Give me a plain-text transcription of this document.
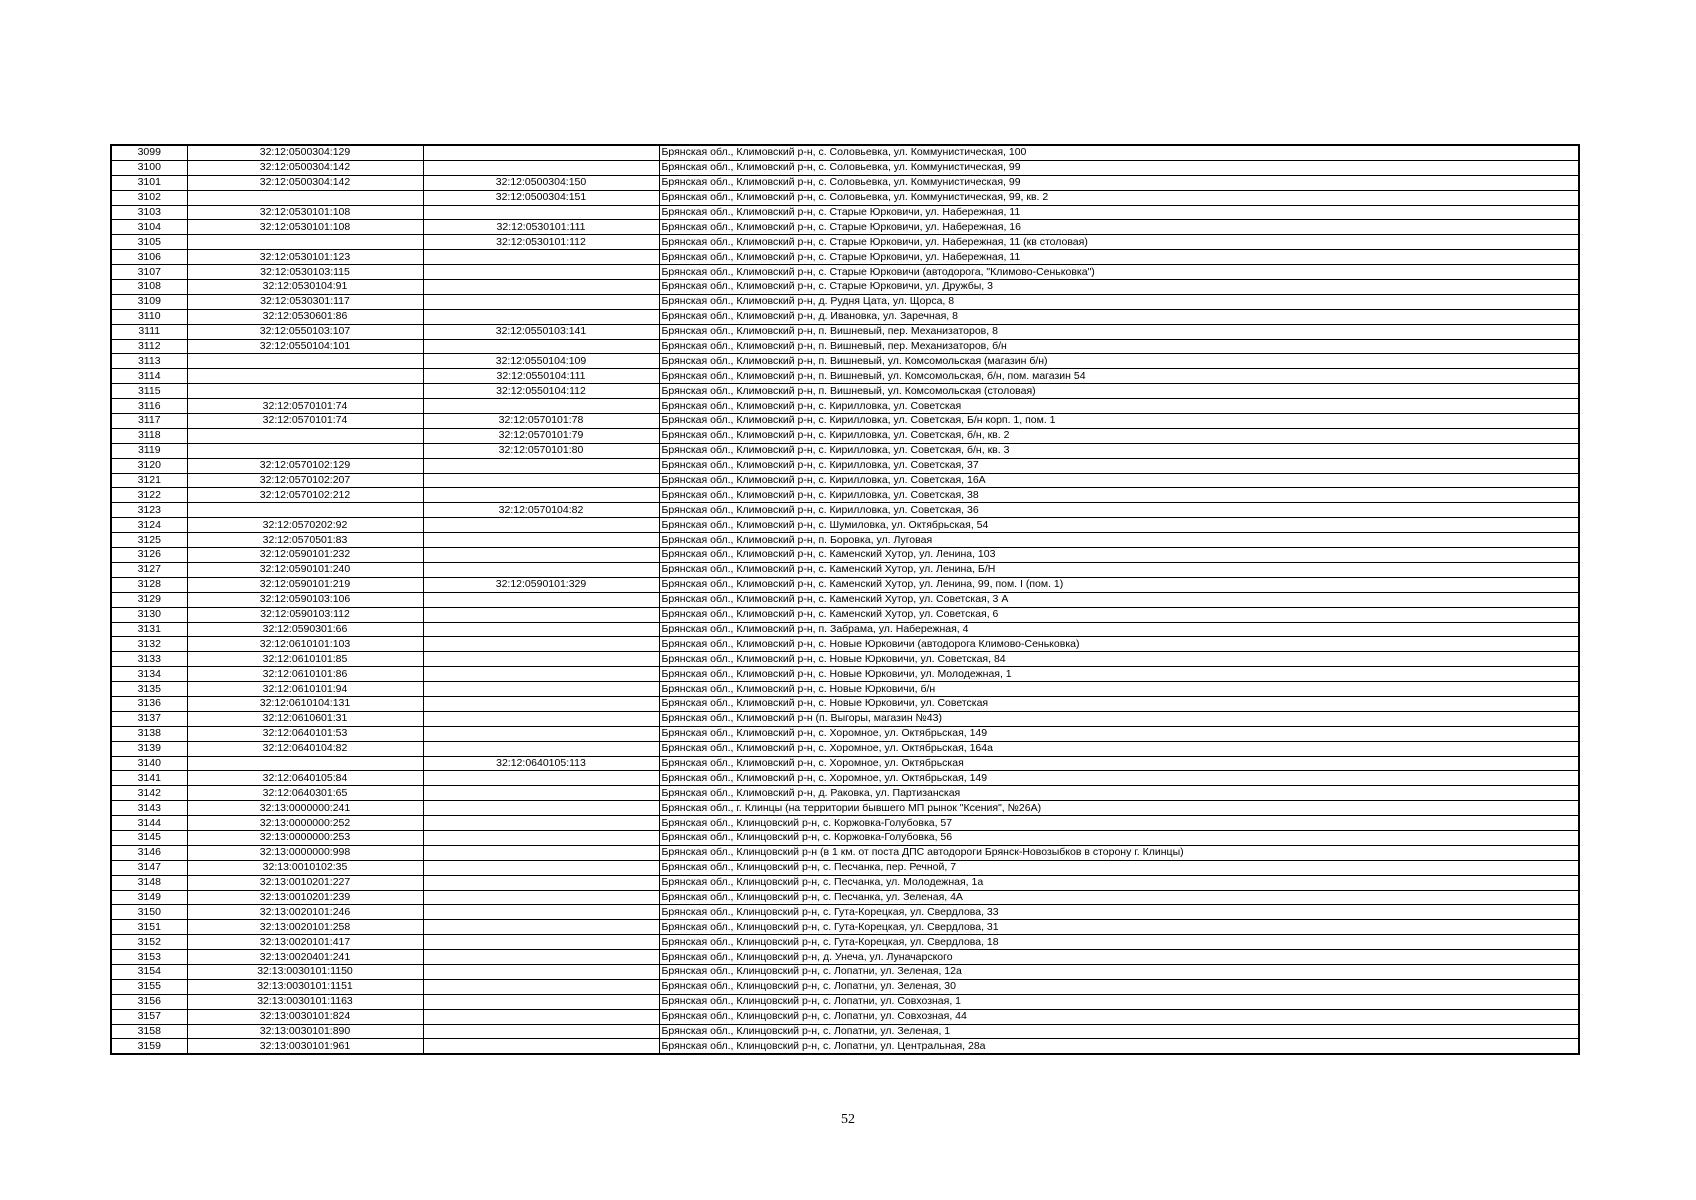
3099	32:12:0500304:129		Брянская обл., Климовский р-н, с. Соловьевка, ул. Коммунистическая, 100
3100	32:12:0500304:142		Брянская обл., Климовский р-н, с. Соловьевка, ул. Коммунистическая, 99
3101	32:12:0500304:142	32:12:0500304:150	Брянская обл., Климовский р-н, с. Соловьевка, ул. Коммунистическая, 99
3102		32:12:0500304:151	Брянская обл., Климовский р-н, с. Соловьевка, ул. Коммунистическая, 99, кв. 2
3103	32:12:0530101:108		Брянская обл., Климовский р-н, с. Старые Юрковичи, ул. Набережная, 11
3104	32:12:0530101:108	32:12:0530101:111	Брянская обл., Климовский р-н, с. Старые Юрковичи, ул. Набережная, 16
3105		32:12:0530101:112	Брянская обл., Климовский р-н, с. Старые Юрковичи, ул. Набережная, 11 (кв столовая)
3106	32:12:0530101:123		Брянская обл., Климовский р-н, с. Старые Юрковичи, ул. Набережная, 11
3107	32:12:0530103:115		Брянская обл., Климовский р-н, с. Старые Юрковичи (автодорога, "Климово-Сеньковка")
3108	32:12:0530104:91		Брянская обл., Климовский р-н, с. Старые Юрковичи, ул. Дружбы, 3
3109	32:12:0530301:117		Брянская обл., Климовский р-н, д. Рудня Цата, ул. Щорса, 8
3110	32:12:0530601:86		Брянская обл., Климовский р-н, д. Ивановка, ул. Заречная, 8
3111	32:12:0550103:107	32:12:0550103:141	Брянская обл., Климовский р-н, п. Вишневый, пер. Механизаторов, 8
3112	32:12:0550104:101		Брянская обл., Климовский р-н, п. Вишневый, пер. Механизаторов, б/н
3113		32:12:0550104:109	Брянская обл., Климовский р-н, п. Вишневый, ул. Комсомольская (магазин б/н)
3114		32:12:0550104:111	Брянская обл., Климовский р-н, п. Вишневый, ул. Комсомольская, б/н, пом. магазин 54
3115		32:12:0550104:112	Брянская обл., Климовский р-н, п. Вишневый, ул. Комсомольская (столовая)
3116	32:12:0570101:74		Брянская обл., Климовский р-н, с. Кирилловка, ул. Советская
3117	32:12:0570101:74	32:12:0570101:78	Брянская обл., Климовский р-н, с. Кирилловка, ул. Советская, Б/н корп. 1, пом. 1
3118		32:12:0570101:79	Брянская обл., Климовский р-н, с. Кирилловка, ул. Советская, б/н, кв. 2
3119		32:12:0570101:80	Брянская обл., Климовский р-н, с. Кирилловка, ул. Советская, б/н, кв. 3
3120	32:12:0570102:129		Брянская обл., Климовский р-н, с. Кирилловка, ул. Советская, 37
3121	32:12:0570102:207		Брянская обл., Климовский р-н, с. Кирилловка, ул. Советская, 16А
3122	32:12:0570102:212		Брянская обл., Климовский р-н, с. Кирилловка, ул. Советская, 38
3123		32:12:0570104:82	Брянская обл., Климовский р-н, с. Кирилловка, ул. Советская, 36
3124	32:12:0570202:92		Брянская обл., Климовский р-н, с. Шумиловка, ул. Октябрьская, 54
3125	32:12:0570501:83		Брянская обл., Климовский р-н, п. Боровка, ул. Луговая
3126	32:12:0590101:232		Брянская обл., Климовский р-н, с. Каменский Хутор, ул. Ленина, 103
3127	32:12:0590101:240		Брянская обл., Климовский р-н, с. Каменский Хутор, ул. Ленина, Б/Н
3128	32:12:0590101:219	32:12:0590101:329	Брянская обл., Климовский р-н, с. Каменский Хутор, ул. Ленина, 99, пом. I (пом. 1)
3129	32:12:0590103:106		Брянская обл., Климовский р-н, с. Каменский Хутор, ул. Советская, 3 А
3130	32:12:0590103:112		Брянская обл., Климовский р-н, с. Каменский Хутор, ул. Советская, 6
3131	32:12:0590301:66		Брянская обл., Климовский р-н, п. Забрама, ул. Набережная, 4
3132	32:12:0610101:103		Брянская обл., Климовский р-н, с. Новые Юрковичи (автодорога Климово-Сеньковка)
3133	32:12:0610101:85		Брянская обл., Климовский р-н, с. Новые Юрковичи, ул. Советская, 84
3134	32:12:0610101:86		Брянская обл., Климовский р-н, с. Новые Юрковичи, ул. Молодежная, 1
3135	32:12:0610101:94		Брянская обл., Климовский р-н, с. Новые Юрковичи, б/н
3136	32:12:0610104:131		Брянская обл., Климовский р-н, с. Новые Юрковичи, ул. Советская
3137	32:12:0610601:31		Брянская обл., Климовский р-н (п. Выгоры, магазин №43)
3138	32:12:0640101:53		Брянская обл., Климовский р-н, с. Хоромное, ул. Октябрьская, 149
3139	32:12:0640104:82		Брянская обл., Климовский р-н, с. Хоромное, ул. Октябрьская, 164а
3140		32:12:0640105:113	Брянская обл., Климовский р-н, с. Хоромное, ул. Октябрьская
3141	32:12:0640105:84		Брянская обл., Климовский р-н, с. Хоромное, ул. Октябрьская, 149
3142	32:12:0640301:65		Брянская обл., Климовский р-н, д. Раковка, ул. Партизанская
3143	32:13:0000000:241		Брянская обл., г. Клинцы (на территории бывшего МП рынок "Ксения", №26А)
3144	32:13:0000000:252		Брянская обл., Клинцовский р-н, с. Коржовка-Голубовка, 57
3145	32:13:0000000:253		Брянская обл., Клинцовский р-н, с. Коржовка-Голубовка, 56
3146	32:13:0000000:998		Брянская обл., Клинцовский р-н (в 1 км. от поста ДПС автодороги Брянск-Новозыбков в сторону г. Клинцы)
3147	32:13:0010102:35		Брянская обл., Клинцовский р-н, с. Песчанка, пер. Речной, 7
3148	32:13:0010201:227		Брянская обл., Клинцовский р-н, с. Песчанка, ул. Молодежная, 1а
3149	32:13:0010201:239		Брянская обл., Клинцовский р-н, с. Песчанка, ул. Зеленая, 4А
3150	32:13:0020101:246		Брянская обл., Клинцовский р-н, с. Гута-Корецкая, ул. Свердлова, 33
3151	32:13:0020101:258		Брянская обл., Клинцовский р-н, с. Гута-Корецкая, ул. Свердлова, 31
3152	32:13:0020101:417		Брянская обл., Клинцовский р-н, с. Гута-Корецкая, ул. Свердлова, 18
3153	32:13:0020401:241		Брянская обл., Клинцовский р-н, д. Унеча, ул. Луначарского
3154	32:13:0030101:1150		Брянская обл., Клинцовский р-н, с. Лопатни, ул. Зеленая, 12а
3155	32:13:0030101:1151		Брянская обл., Клинцовский р-н, с. Лопатни, ул. Зеленая, 30
3156	32:13:0030101:1163		Брянская обл., Клинцовский р-н, с. Лопатни, ул. Совхозная, 1
3157	32:13:0030101:824		Брянская обл., Клинцовский р-н, с. Лопатни, ул. Совхозная, 44
3158	32:13:0030101:890		Брянская обл., Клинцовский р-н, с. Лопатни, ул. Зеленая, 1
3159	32:13:0030101:961		Брянская обл., Клинцовский р-н, с. Лопатни, ул. Центральная, 28а
52
